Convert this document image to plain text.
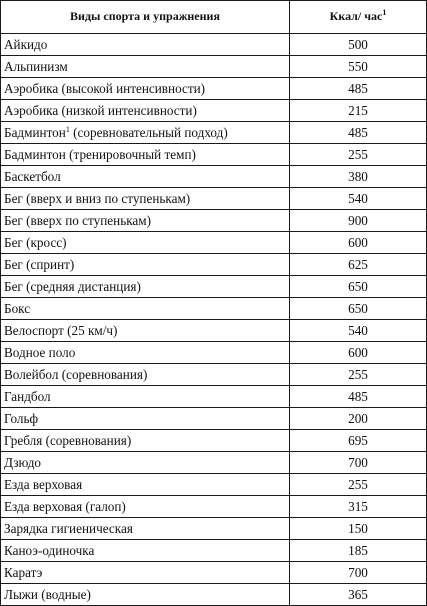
Виды спорта и упражнения	Ккал/ час$^1$
Айкидо	500
Альпинизм	550
Аэробика (высокой интенсивности)	485
Аэробика (низкой интенсивности)	215
Бадминтон$^1$ (соревновательный подход)	485
Бадминтон (тренировочный темп)	255
Баскетбол	380
Бег (вверх и вниз по ступенькам)	540
Бег (вверх по ступенькам)	900
Бег (кросс)	600
Бег (спринт)	625
Бег (средняя дистанция)	650
Бокс	650
Велоспорт (25 км/ч)	540
Водное поло	600
Волейбол (соревнования)	255
Гандбол	485
Гольф	200
Гребля (соревнования)	695
Дзюдо	700
Езда верховая	255
Езда верховая (галоп)	315
Зарядка гигиеническая	150
Каноэ-одиночка	185
Каратэ	700
Лыжи (водные)	365
